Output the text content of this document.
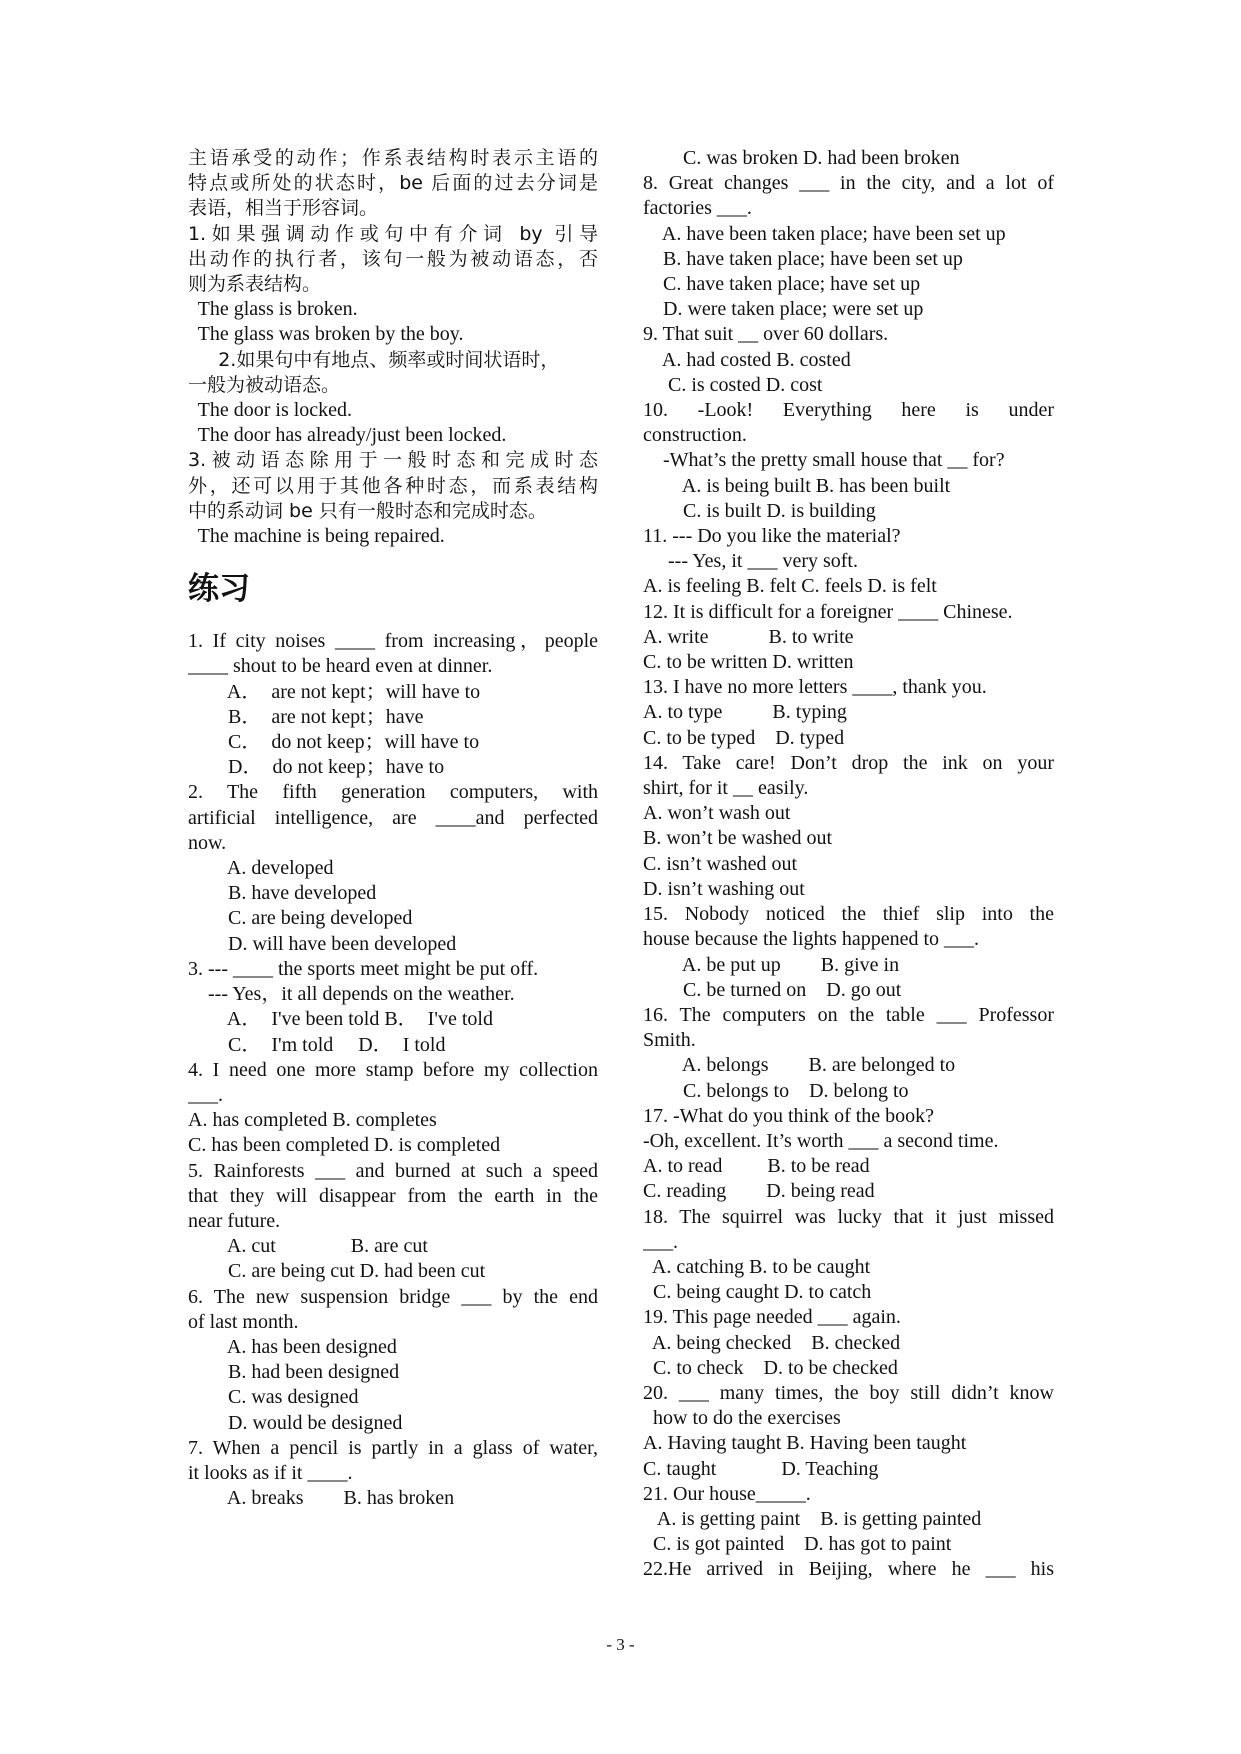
主语承受的动作；作系表结构时表示主语的
特点或所处的状态时，be 后面的过去分词是
表语，相当于形容词。
1.如果强调动作或句中有介词 by 引导
出动作的执行者，该句一般为被动语态，否
则为系表结构。
The glass is broken.
The glass was broken by the boy.
2.如果句中有地点、频率或时间状语时，
一般为被动语态。
The door is locked.
The door has already/just been locked.
3.被动语态除用于一般时态和完成时态
外，还可以用于其他各种时态，而系表结构
中的系动词 be 只有一般时态和完成时态。
The machine is being repaired.
练习
1. If city noises ____ from increasing，people
____ shout to be heard even at dinner.
A．  are not kept；will have to
B．  are not kept；have
C．  do not keep；will have to
D．  do not keep；have to
2. The fifth generation computers, with
artificial intelligence, are ____and perfected
now.
A. developed
B. have developed
C. are being developed
D. will have been developed
3. --- ____ the sports meet might be put off.
--- Yes，it all depends on the weather.
A．  I've been told B．  I've told
C．  I'm told     D．  I told
4. I need one more stamp before my collection
___.
A. has completed B. completes
C. has been completed D. is completed
5. Rainforests ___ and burned at such a speed
that they will disappear from the earth in the
near future.
A. cut               B. are cut
C. are being cut D. had been cut
6. The new suspension bridge ___ by the end
of last month.
A. has been designed
B. had been designed
C. was designed
D. would be designed
7. When a pencil is partly in a glass of water,
it looks as if it ____.
A. breaks        B. has broken
C. was broken D. had been broken
8. Great changes ___ in the city, and a lot of
factories ___.
A. have been taken place; have been set up
B. have taken place; have been set up
C. have taken place; have set up
D. were taken place; were set up
9. That suit __ over 60 dollars.
A. had costed B. costed
C. is costed D. cost
10. -Look! Everything here is under
construction.
-What’s the pretty small house that __ for?
A. is being built B. has been built
C. is built D. is building
11. --- Do you like the material?
--- Yes, it ___ very soft.
A. is feeling B. felt C. feels D. is felt
12. It is difficult for a foreigner ____ Chinese.
A. write            B. to write
C. to be written D. written
13. I have no more letters ____, thank you.
A. to type          B. typing
C. to be typed    D. typed
14. Take care! Don’t drop the ink on your
shirt, for it __ easily.
A. won’t wash out
B. won’t be washed out
C. isn’t washed out
D. isn’t washing out
15. Nobody noticed the thief slip into the
house because the lights happened to ___.
A. be put up        B. give in
C. be turned on    D. go out
16. The computers on the table ___ Professor
Smith.
A. belongs        B. are belonged to
C. belongs to    D. belong to
17. -What do you think of the book?
-Oh, excellent. It’s worth ___ a second time.
A. to read         B. to be read
C. reading        D. being read
18. The squirrel was lucky that it just missed
___.
A. catching B. to be caught
C. being caught D. to catch
19. This page needed ___ again.
A. being checked    B. checked
C. to check    D. to be checked
20. ___ many times, the boy still didn’t know
how to do the exercises
A. Having taught B. Having been taught
C. taught             D. Teaching
21. Our house_____.
A. is getting paint    B. is getting painted
C. is got painted    D. has got to paint
22.He arrived in Beijing, where he ___ his
- 3 -
